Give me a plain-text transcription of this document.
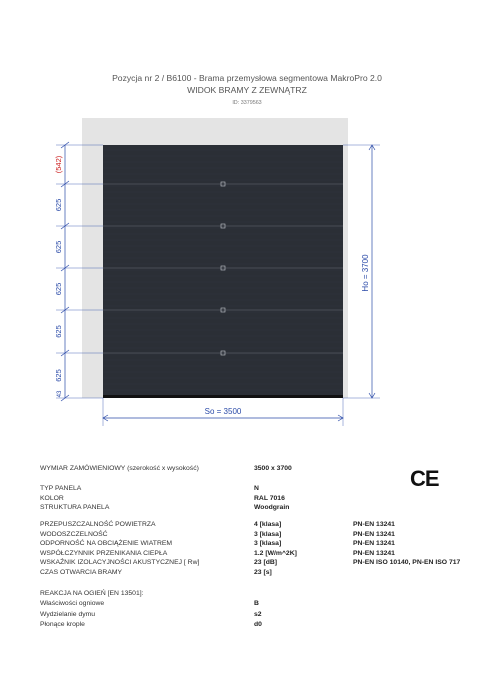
Pozycja nr 2 / B6100 - Brama przemysłowa segmentowa MakroPro 2.0
WIDOK BRAMY Z ZEWNĄTRZ
ID: 3379563
(542)
625
625
625
625
625
43
Ho = 3700
So = 3500
WYMIAR ZAMÓWIENIOWY (szerokość x wysokość)	3500 x 3700
TYP PANELA	N
KOLOR	RAL 7016
STRUKTURA PANELA	Woodgrain
PRZEPUSZCZALNOŚĆ POWIETRZA	4 [klasa]	PN-EN 13241
WODOSZCZELNOŚĆ	3 [klasa]	PN-EN 13241
ODPORNOŚĆ NA OBCIĄŻENIE WIATREM	3 [klasa]	PN-EN 13241
WSPÓŁCZYNNIK PRZENIKANIA CIEPŁA	1.2 [W/m^2K]	PN-EN 13241
WSKAŹNIK IZOLACYJNOŚCI AKUSTYCZNEJ [ Rw]	23 [dB]	PN-EN ISO 10140, PN-EN ISO 717
CZAS OTWARCIA BRAMY	23 [s]
REAKCJA NA OGIEŃ [EN 13501]:
Właściwości ogniowe	B
Wydzielanie dymu	s2
Płonące krople	d0
CE
